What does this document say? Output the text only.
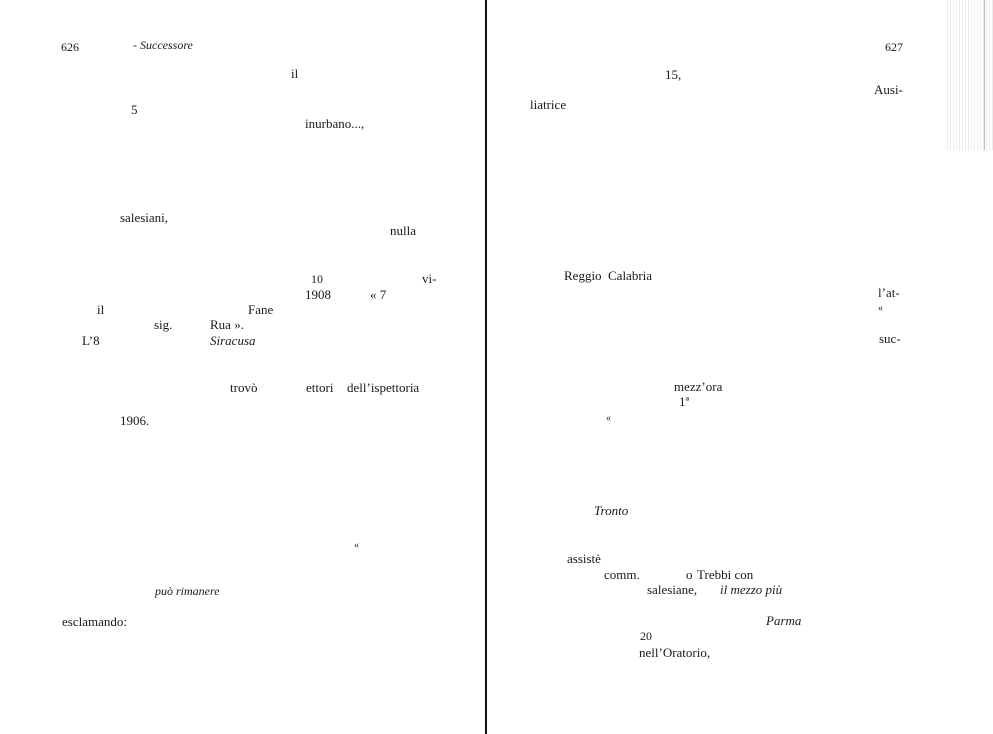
626	- Successore
il
5
inurbano...,
salesiani,
nulla
10	vi-
1908	« 7
il	Fane
sig.	Rua ».
L’8	Siracusa
trovò	ettori dell’ispettoria
1906.
«
può rimanere
esclamando:
627
15,
Ausi-
liatrice
Reggio Calabria
l’at-
«
suc-
mezz’ora
1ª
«
Tronto
assistè
comm.	o Trebbi con
salesiane, il mezzo più
Parma
20
nell’Oratorio,
